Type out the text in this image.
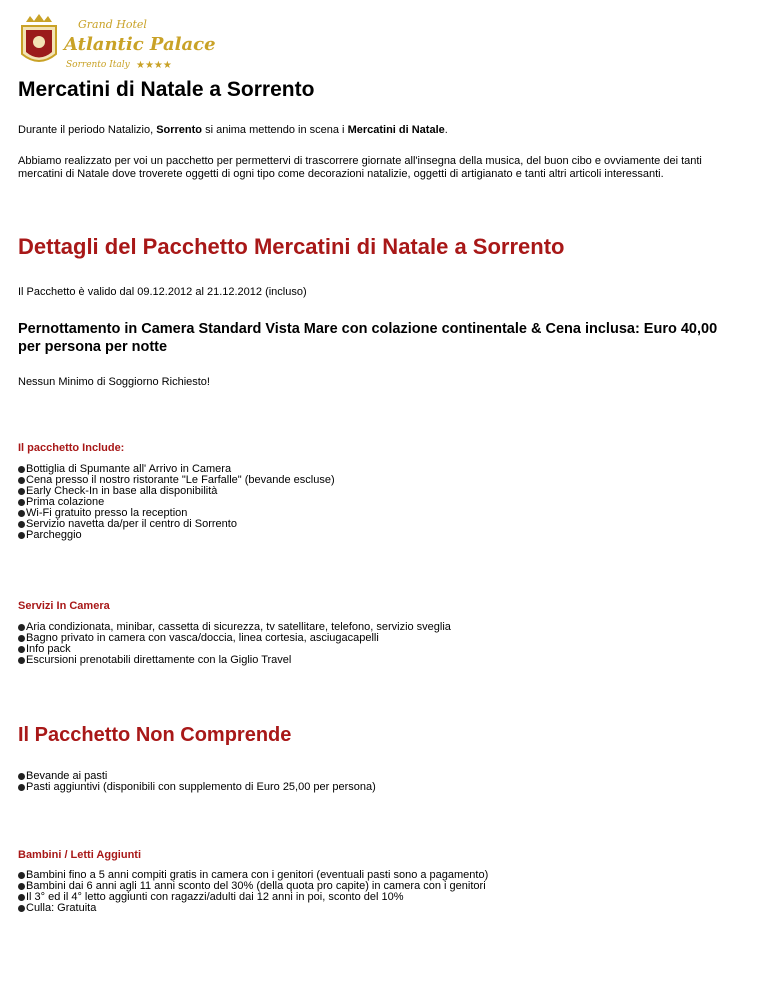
Grand Hotel
Atlantic Palace
Sorrento Italy ★★★★
Mercatini di Natale a Sorrento

Durante il periodo Natalizio, Sorrento si anima mettendo in scena i Mercatini di Natale.

Abbiamo realizzato per voi un pacchetto per permettervi di trascorrere giornate all'insegna della musica, del buon cibo e ovviamente dei tanti mercatini di Natale dove troverete oggetti di ogni tipo come decorazioni natalizie, oggetti di artigianato e tanti altri articoli interessanti.

Dettagli del Pacchetto Mercatini di Natale a Sorrento

Il Pacchetto è valido dal 09.12.2012 al 21.12.2012 (incluso)

Pernottamento in Camera Standard Vista Mare con colazione continentale & Cena inclusa: Euro 40,00 per persona per notte

Nessun Minimo di Soggiorno Richiesto!

Il pacchetto Include:
Bottiglia di Spumante all' Arrivo in Camera
Cena presso il nostro ristorante "Le Farfalle" (bevande escluse)
Early Check-In in base alla disponibilità
Prima colazione
Wi-Fi gratuito presso la reception
Servizio navetta da/per il centro di Sorrento
Parcheggio
Servizi In Camera
Aria condizionata, minibar, cassetta di sicurezza, tv satellitare, telefono, servizio sveglia
Bagno privato in camera con vasca/doccia, linea cortesia, asciugacapelli
Info pack
Escursioni prenotabili direttamente con la Giglio Travel
Il Pacchetto Non Comprende
Bevande ai pasti
Pasti aggiuntivi (disponibili con supplemento di Euro 25,00 per persona)
Bambini / Letti Aggiunti
Bambini fino a 5 anni compiti gratis in camera con i genitori (eventuali pasti sono a pagamento)
Bambini dai 6 anni agli 11 anni sconto del 30% (della quota pro capite) in camera con i genitori
Il 3° ed il 4° letto aggiunti con ragazzi/adulti dai 12 anni in poi, sconto del 10%
Culla: Gratuita
